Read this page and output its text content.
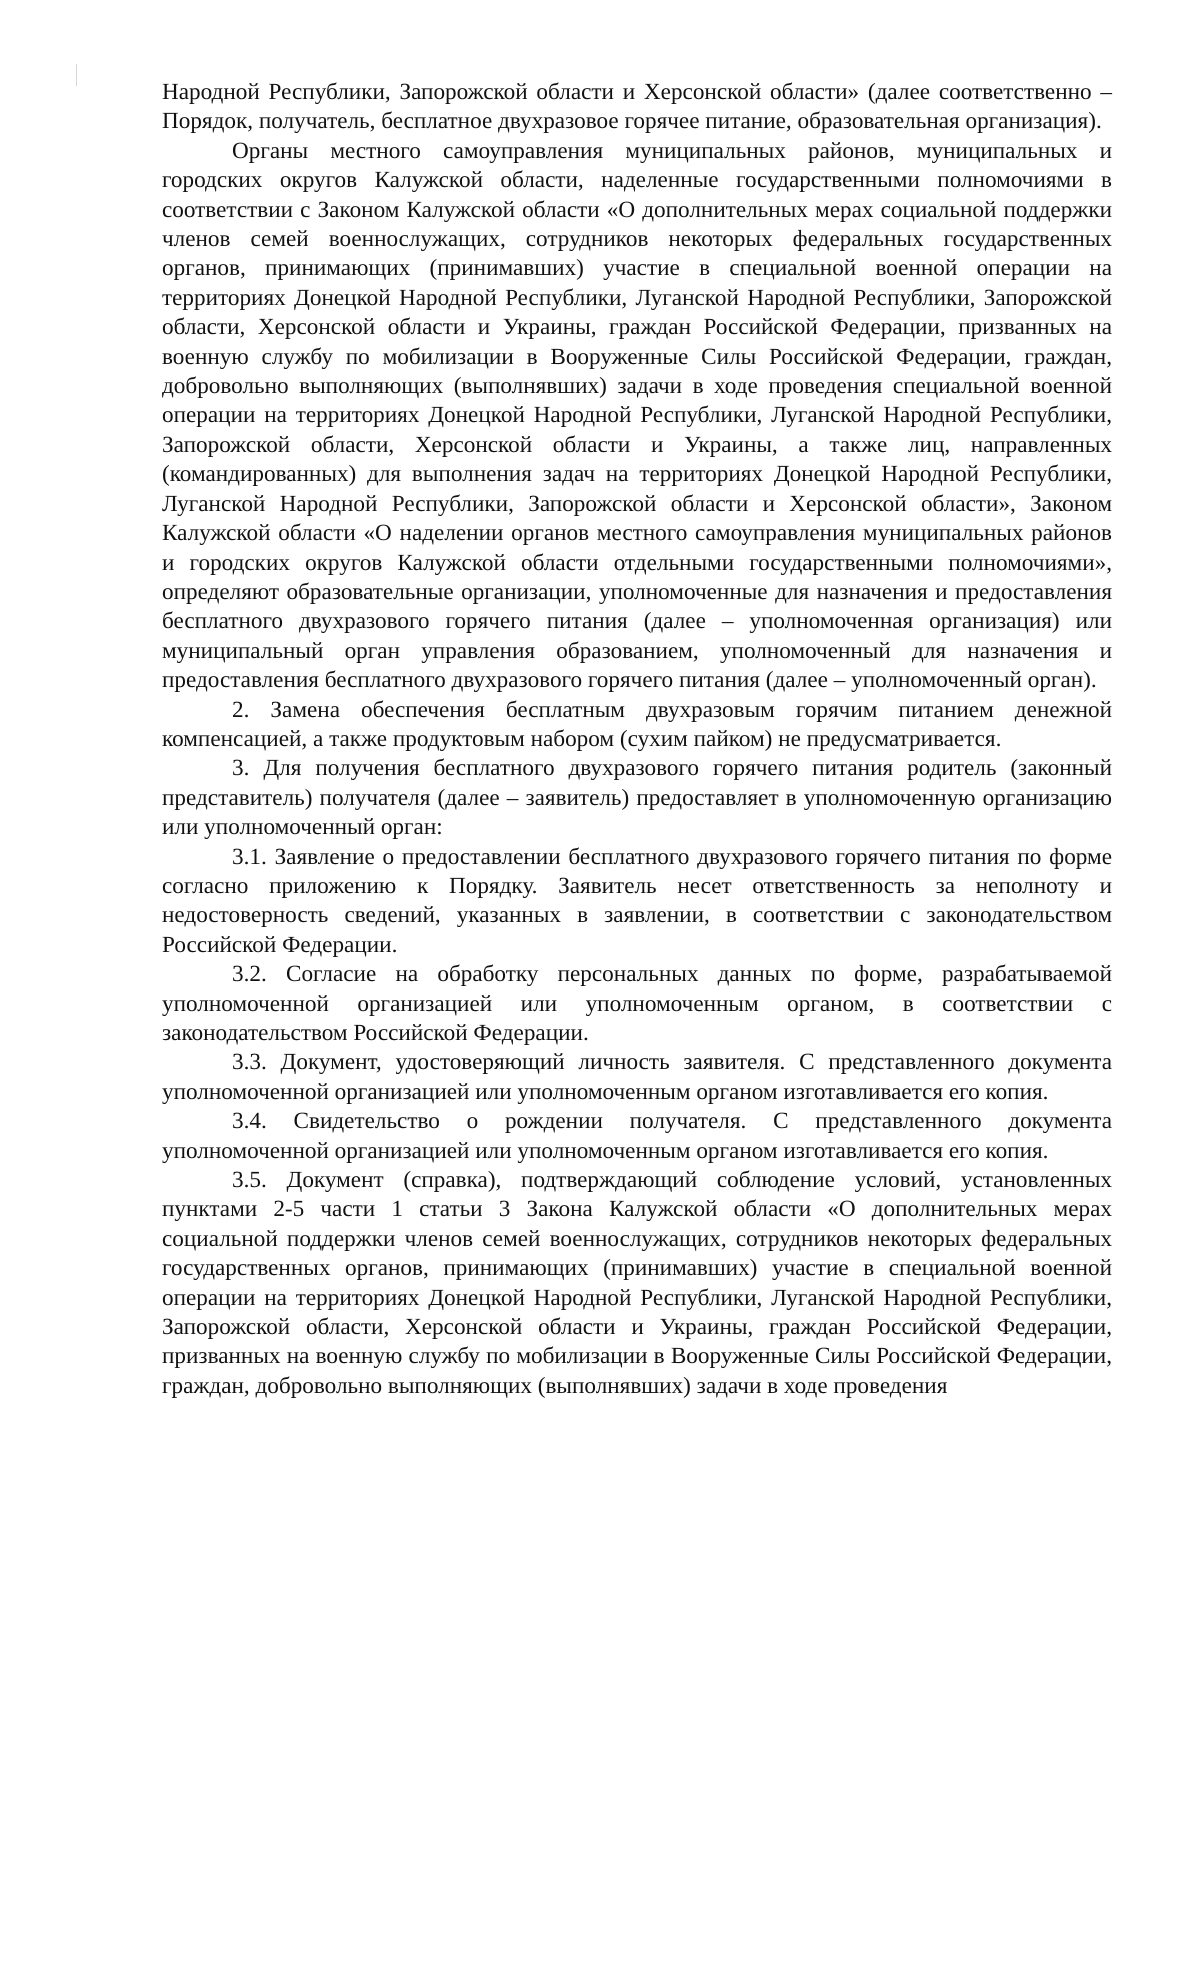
Народной Республики, Запорожской области и Херсонской области» (далее соответственно – Порядок, получатель, бесплатное двухразовое горячее питание, образовательная организация).

Органы местного самоуправления муниципальных районов, муниципальных и городских округов Калужской области, наделенные государственными полномочиями в соответствии с Законом Калужской области «О дополнительных мерах социальной поддержки членов семей военнослужащих, сотрудников некоторых федеральных государственных органов, принимающих (принимавших) участие в специальной военной операции на территориях Донецкой Народной Республики, Луганской Народной Республики, Запорожской области, Херсонской области и Украины, граждан Российской Федерации, призванных на военную службу по мобилизации в Вооруженные Силы Российской Федерации, граждан, добровольно выполняющих (выполнявших) задачи в ходе проведения специальной военной операции на территориях Донецкой Народной Республики, Луганской Народной Республики, Запорожской области, Херсонской области и Украины, а также лиц, направленных (командированных) для выполнения задач на территориях Донецкой Народной Республики, Луганской Народной Республики, Запорожской области и Херсонской области», Законом Калужской области «О наделении органов местного самоуправления муниципальных районов и городских округов Калужской области отдельными государственными полномочиями», определяют образовательные организации, уполномоченные для назначения и предоставления бесплатного двухразового горячего питания (далее – уполномоченная организация) или муниципальный орган управления образованием, уполномоченный для назначения и предоставления бесплатного двухразового горячего питания (далее – уполномоченный орган).

2. Замена обеспечения бесплатным двухразовым горячим питанием денежной компенсацией, а также продуктовым набором (сухим пайком) не предусматривается.

3. Для получения бесплатного двухразового горячего питания родитель (законный представитель) получателя (далее – заявитель) предоставляет в уполномоченную организацию или уполномоченный орган:

3.1. Заявление о предоставлении бесплатного двухразового горячего питания по форме согласно приложению к Порядку. Заявитель несет ответственность за неполноту и недостоверность сведений, указанных в заявлении, в соответствии с законодательством Российской Федерации.

3.2. Согласие на обработку персональных данных по форме, разрабатываемой уполномоченной организацией или уполномоченным органом, в соответствии с законодательством Российской Федерации.

3.3. Документ, удостоверяющий личность заявителя. С представленного документа уполномоченной организацией или уполномоченным органом изготавливается его копия.

3.4. Свидетельство о рождении получателя. С представленного документа уполномоченной организацией или уполномоченным органом изготавливается его копия.

3.5. Документ (справка), подтверждающий соблюдение условий, установленных пунктами 2-5 части 1 статьи 3 Закона Калужской области «О дополнительных мерах социальной поддержки членов семей военнослужащих, сотрудников некоторых федеральных государственных органов, принимающих (принимавших) участие в специальной военной операции на территориях Донецкой Народной Республики, Луганской Народной Республики, Запорожской области, Херсонской области и Украины, граждан Российской Федерации, призванных на военную службу по мобилизации в Вооруженные Силы Российской Федерации, граждан, добровольно выполняющих (выполнявших) задачи в ходе проведения
